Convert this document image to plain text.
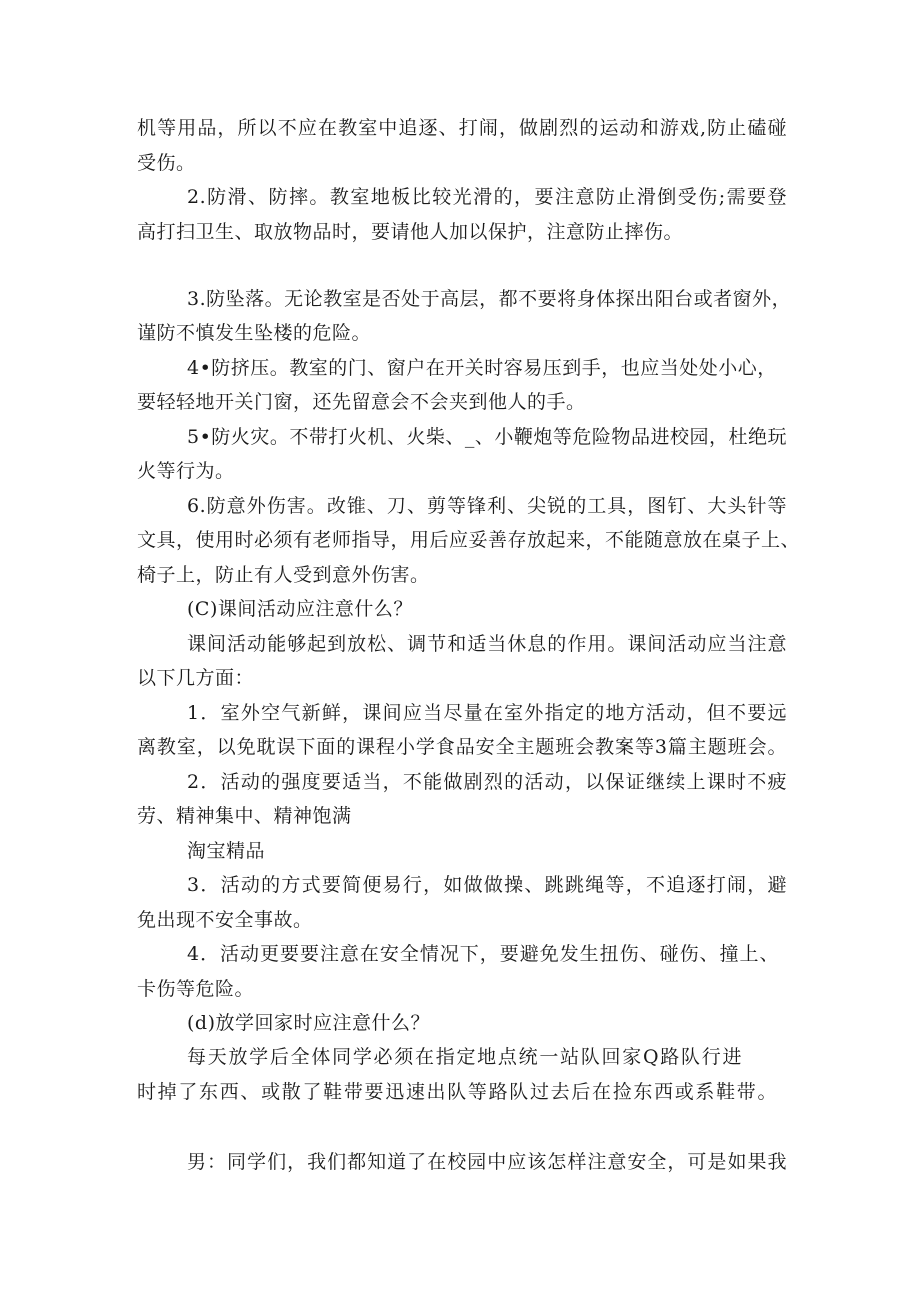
机等用品，所以不应在教室中追逐、打闹，做剧烈的运动和游戏,防止磕碰
受伤。
2.防滑、防摔。教室地板比较光滑的，要注意防止滑倒受伤;需要登
高打扫卫生、取放物品时，要请他人加以保护，注意防止摔伤。
3.防坠落。无论教室是否处于高层，都不要将身体探出阳台或者窗外，
谨防不慎发生坠楼的危险。
4•防挤压。教室的门、窗户在开关时容易压到手，也应当处处小心，
要轻轻地开关门窗，还先留意会不会夹到他人的手。
5•防火灾。不带打火机、火柴、_、小鞭炮等危险物品进校园，杜绝玩
火等行为。
6.防意外伤害。改锥、刀、剪等锋利、尖锐的工具，图钉、大头针等
文具，使用时必须有老师指导，用后应妥善存放起来，不能随意放在桌子上、
椅子上，防止有人受到意外伤害。
(C)课间活动应注意什么？
课间活动能够起到放松、调节和适当休息的作用。课间活动应当注意
以下几方面：
1．室外空气新鲜，课间应当尽量在室外指定的地方活动，但不要远
离教室，以免耽误下面的课程小学食品安全主题班会教案等3篇主题班会。
2．活动的强度要适当，不能做剧烈的活动，以保证继续上课时不疲
劳、精神集中、精神饱满
淘宝精品
3．活动的方式要简便易行，如做做操、跳跳绳等，不追逐打闹，避
免出现不安全事故。
4．活动更要要注意在安全情况下，要避免发生扭伤、碰伤、撞上、
卡伤等危险。
(d)放学回家时应注意什么？
每天放学后全体同学必须在指定地点统一站队回家Q路队行进
时掉了东西、或散了鞋带要迅速出队等路队过去后在捡东西或系鞋带。
男：同学们，我们都知道了在校园中应该怎样注意安全，可是如果我
